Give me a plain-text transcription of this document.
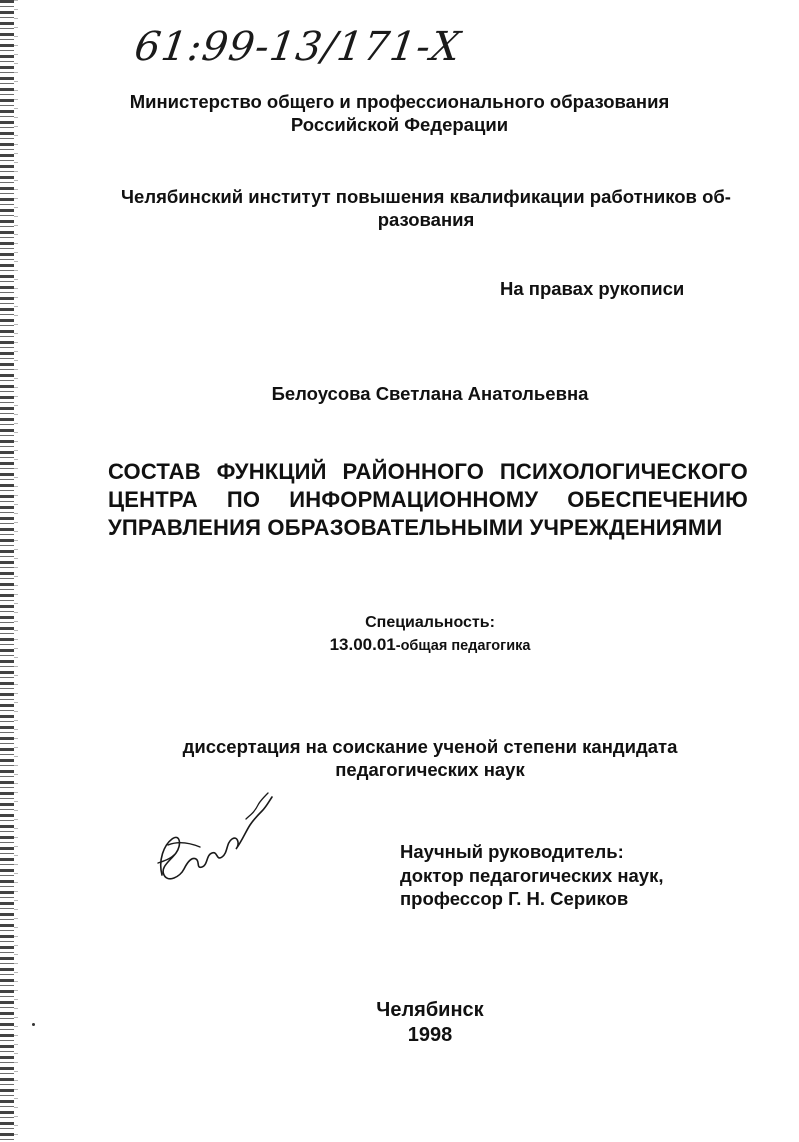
61:99-13/171-Х
Министерство общего и профессионального образования
Российской Федерации
Челябинский институт повышения квалификации работников об-
разования
На правах рукописи
Белоусова Светлана Анатольевна
СОСТАВ ФУНКЦИЙ РАЙОННОГО ПСИХОЛОГИЧЕСКОГО
ЦЕНТРА ПО ИНФОРМАЦИОННОМУ ОБЕСПЕЧЕНИЮ
УПРАВЛЕНИЯ ОБРАЗОВАТЕЛЬНЫМИ УЧРЕЖДЕНИЯМИ
Специальность:
13.00.01-общая педагогика
диссертация на соискание ученой степени кандидата
педагогических наук
Научный руководитель:
доктор педагогических наук,
профессор Г. Н. Сериков
Челябинск
1998
